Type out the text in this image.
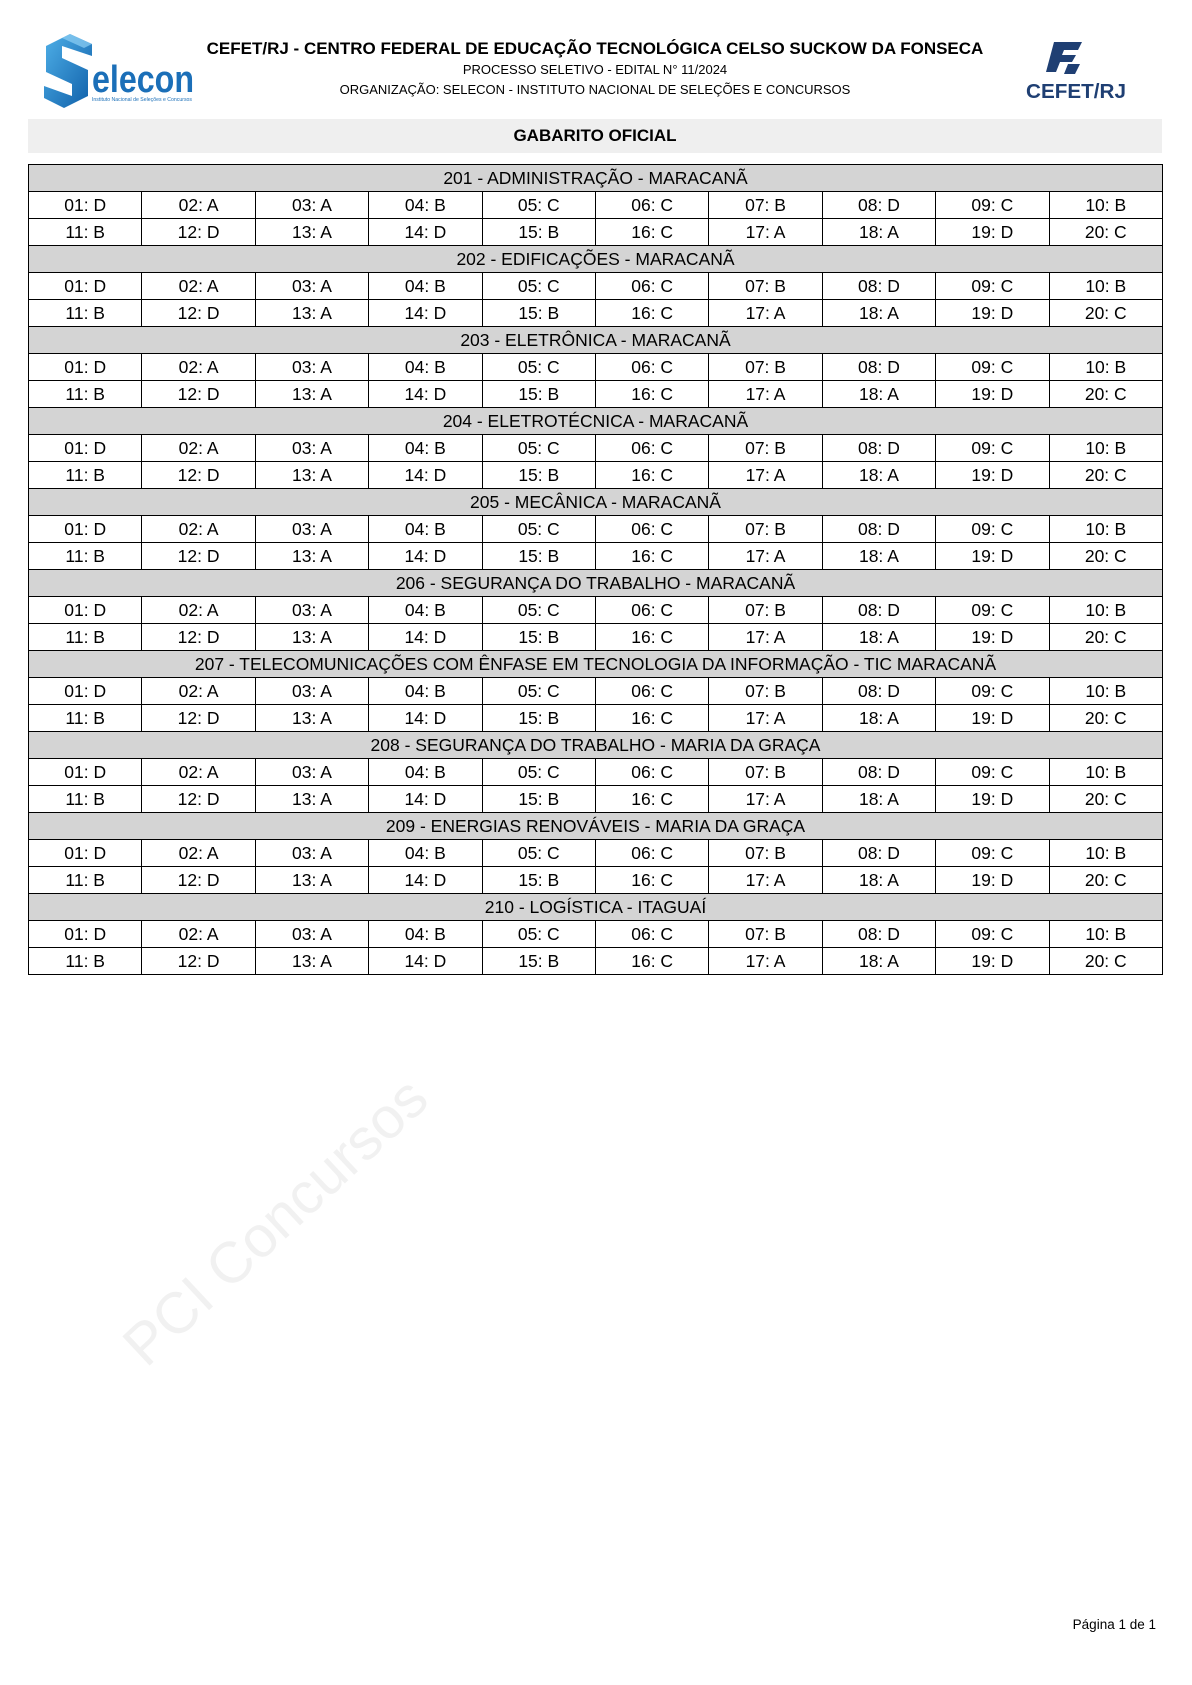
elecon
Instituto Nacional de Seleções e Concursos
CEFET/RJ - CENTRO FEDERAL DE EDUCAÇÃO TECNOLÓGICA CELSO SUCKOW DA FONSECA
PROCESSO SELETIVO - EDITAL N° 11/2024
ORGANIZAÇÃO: SELECON - INSTITUTO NACIONAL DE SELEÇÕES E CONCURSOS	CEFET/RJ
GABARITO OFICIAL
201 - ADMINISTRAÇÃO - MARACANÃ									
01: D	02: A	03: A	04: B	05: C	06: C	07: B	08: D	09: C	10: B
11: B	12: D	13: A	14: D	15: B	16: C	17: A	18: A	19: D	20: C
202 - EDIFICAÇÕES - MARACANÃ									
01: D	02: A	03: A	04: B	05: C	06: C	07: B	08: D	09: C	10: B
11: B	12: D	13: A	14: D	15: B	16: C	17: A	18: A	19: D	20: C
203 - ELETRÔNICA - MARACANÃ									
01: D	02: A	03: A	04: B	05: C	06: C	07: B	08: D	09: C	10: B
11: B	12: D	13: A	14: D	15: B	16: C	17: A	18: A	19: D	20: C
204 - ELETROTÉCNICA - MARACANÃ									
01: D	02: A	03: A	04: B	05: C	06: C	07: B	08: D	09: C	10: B
11: B	12: D	13: A	14: D	15: B	16: C	17: A	18: A	19: D	20: C
205 - MECÂNICA - MARACANÃ									
01: D	02: A	03: A	04: B	05: C	06: C	07: B	08: D	09: C	10: B
11: B	12: D	13: A	14: D	15: B	16: C	17: A	18: A	19: D	20: C
206 - SEGURANÇA DO TRABALHO - MARACANÃ									
01: D	02: A	03: A	04: B	05: C	06: C	07: B	08: D	09: C	10: B
11: B	12: D	13: A	14: D	15: B	16: C	17: A	18: A	19: D	20: C
207 - TELECOMUNICAÇÕES COM ÊNFASE EM TECNOLOGIA DA INFORMAÇÃO - TIC MARACANÃ									
01: D	02: A	03: A	04: B	05: C	06: C	07: B	08: D	09: C	10: B
11: B	12: D	13: A	14: D	15: B	16: C	17: A	18: A	19: D	20: C
208 - SEGURANÇA DO TRABALHO - MARIA DA GRAÇA									
01: D	02: A	03: A	04: B	05: C	06: C	07: B	08: D	09: C	10: B
11: B	12: D	13: A	14: D	15: B	16: C	17: A	18: A	19: D	20: C
209 - ENERGIAS RENOVÁVEIS - MARIA DA GRAÇA									
01: D	02: A	03: A	04: B	05: C	06: C	07: B	08: D	09: C	10: B
11: B	12: D	13: A	14: D	15: B	16: C	17: A	18: A	19: D	20: C
210 - LOGÍSTICA - ITAGUAÍ									
01: D	02: A	03: A	04: B	05: C	06: C	07: B	08: D	09: C	10: B
11: B	12: D	13: A	14: D	15: B	16: C	17: A	18: A	19: D	20: C
PCI Concursos
Página 1 de 1
